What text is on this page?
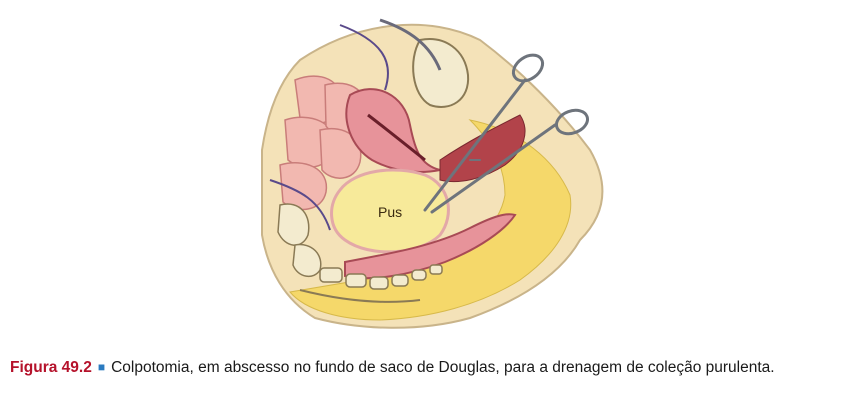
Pus
Figura 49.2 ■ Colpotomia, em abscesso no fundo de saco de Douglas, para a drenagem de coleção purulenta.
